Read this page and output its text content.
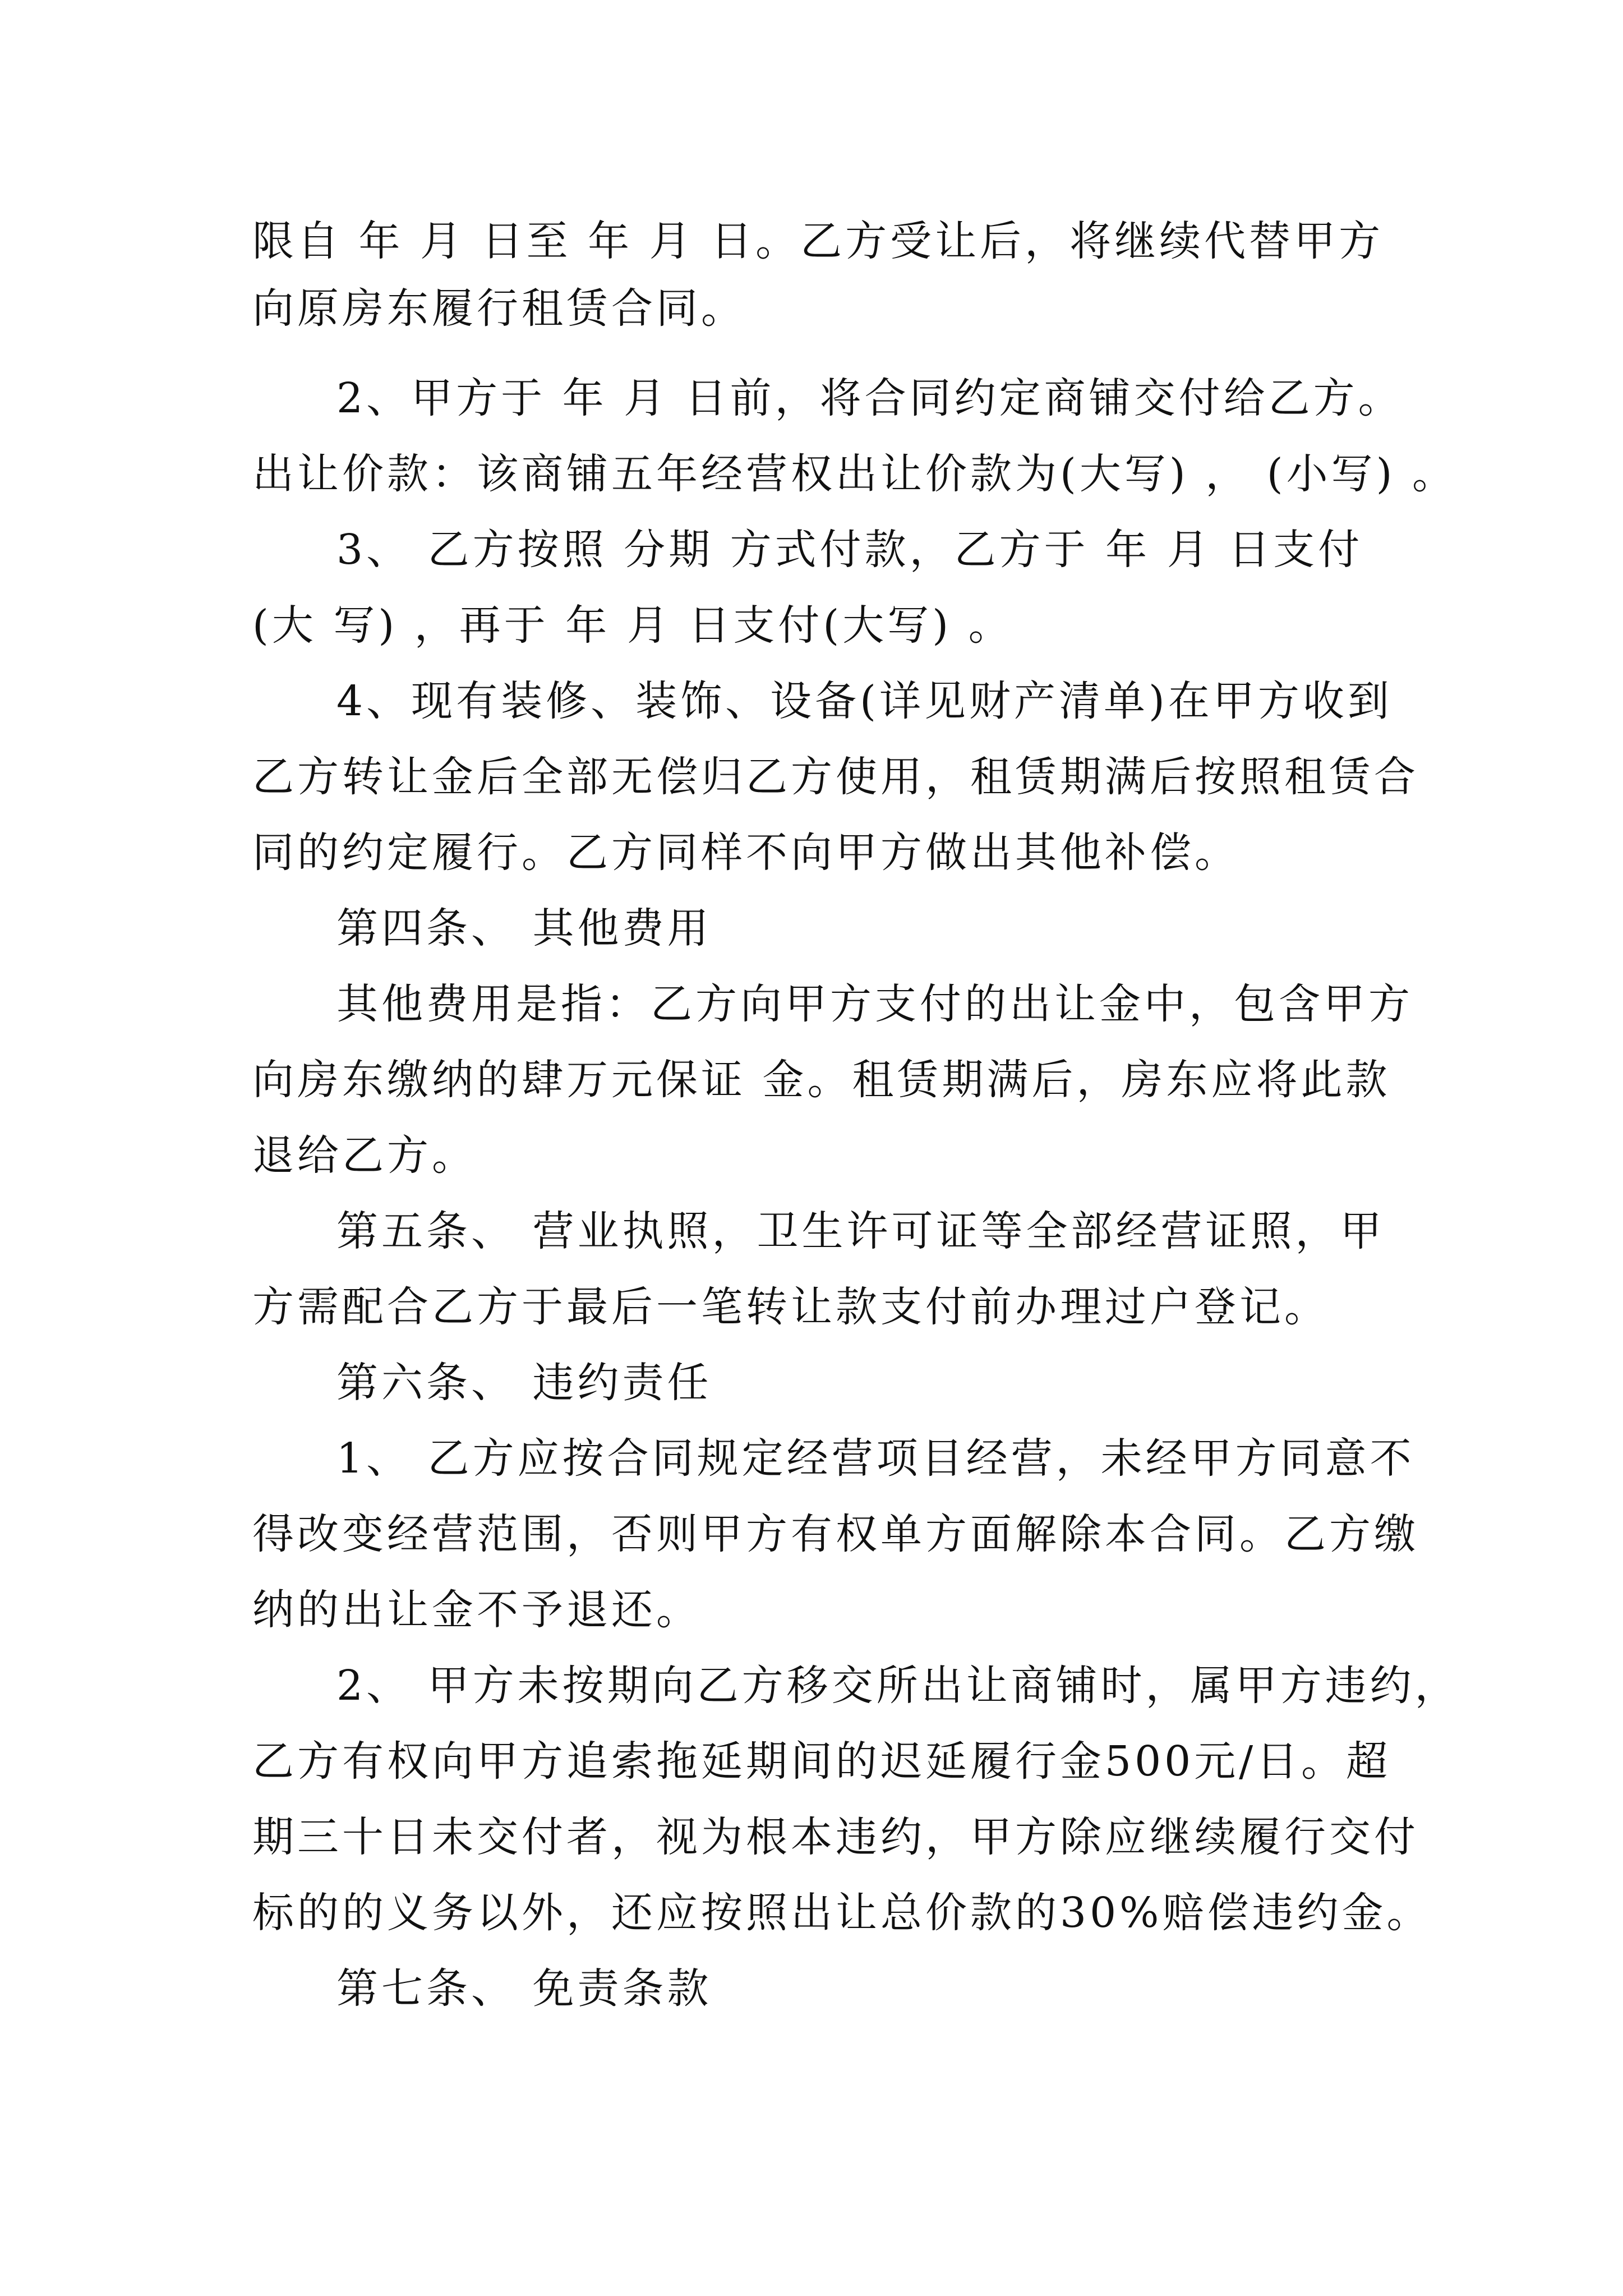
限自 年 月 日至 年 月 日。乙方受让后，将继续代替甲方
向原房东履行租赁合同。
2、甲方于 年 月 日前，将合同约定商铺交付给乙方。
出让价款：该商铺五年经营权出让价款为(大写) ， (小写) 。
3、 乙方按照 分期 方式付款，乙方于 年 月 日支付
(大 写) ，再于 年 月 日支付(大写) 。
4、现有装修、装饰、设备(详见财产清单)在甲方收到
乙方转让金后全部无偿归乙方使用，租赁期满后按照租赁合
同的约定履行。乙方同样不向甲方做出其他补偿。
第四条、 其他费用
其他费用是指：乙方向甲方支付的出让金中，包含甲方
向房东缴纳的肆万元保证 金。租赁期满后，房东应将此款
退给乙方。
第五条、 营业执照，卫生许可证等全部经营证照，甲
方需配合乙方于最后一笔转让款支付前办理过户登记。
第六条、 违约责任
1、 乙方应按合同规定经营项目经营，未经甲方同意不
得改变经营范围，否则甲方有权单方面解除本合同。乙方缴
纳的出让金不予退还。
2、 甲方未按期向乙方移交所出让商铺时，属甲方违约，
乙方有权向甲方追索拖延期间的迟延履行金500元/日。超
期三十日未交付者，视为根本违约，甲方除应继续履行交付
标的的义务以外，还应按照出让总价款的30%赔偿违约金。
第七条、 免责条款
